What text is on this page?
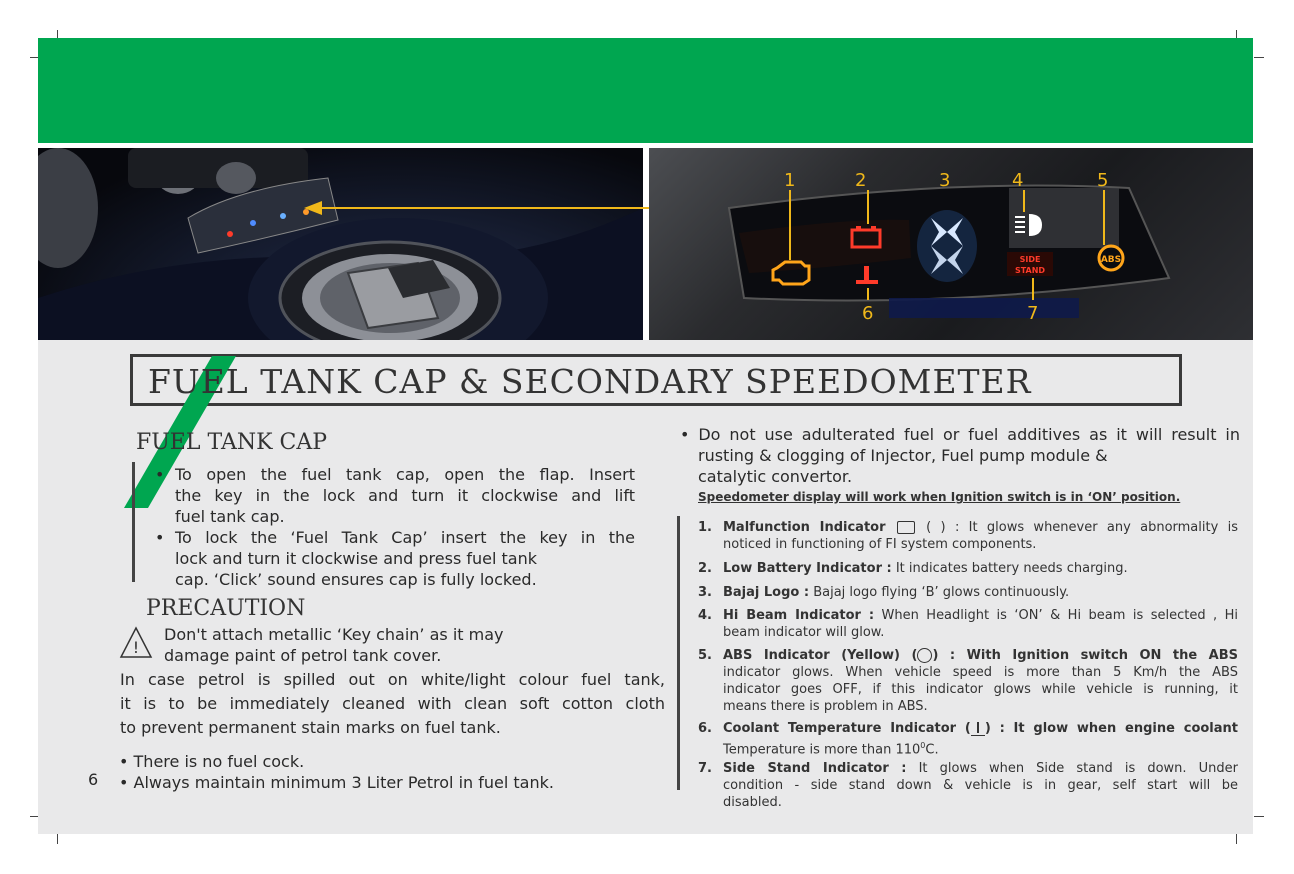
SIDE
STAND
ABS
1	2	3	4	5
6	7
FUEL TANK CAP & SECONDARY SPEEDOMETER
FUEL TANK CAP
• To open the fuel tank cap, open the flap. Insert
the key in the lock and turn it clockwise and lift
fuel tank cap.
• To lock the ‘Fuel Tank Cap’ insert the key in the
lock and turn it clockwise and press fuel tank
cap. ‘Click’ sound ensures cap is fully locked.
PRECAUTION
!
Don't attach metallic ‘Key chain’ as it may
damage paint of petrol tank cover.
In case petrol is spilled out on white/light colour fuel tank,
it is to be immediately cleaned with clean soft cotton cloth
to prevent permanent stain marks on fuel tank.
• There is no fuel cock.
• Always maintain minimum 3 Liter Petrol in fuel tank.
6
• Do not use adulterated fuel or fuel additives as it will result in
rusting & clogging of Injector, Fuel pump module &
catalytic convertor.
Speedometer display will work when Ignition switch is in ‘ON’ position.
1. Malfunction Indicator	( ) : It glows whenever any abnormality is
noticed in functioning of FI system components.
2. Low Battery Indicator : It indicates battery needs charging.
3. Bajaj Logo : Bajaj logo flying ‘B’ glows continuously.
4. Hi Beam Indicator : When Headlight is ‘ON’ & Hi beam is selected , Hi
beam indicator will glow.
5. ABS Indicator (Yellow) ( ) : With Ignition switch ON the ABS
indicator glows. When vehicle speed is more than 5 Km/h the ABS
indicator goes OFF, if this indicator glows while vehicle is running, it
means there is problem in ABS.
6. Coolant Temperature Indicator ( ) : It glow when engine coolant
Temperature is more than $110^0C$.
7. Side Stand Indicator : It glows when Side stand is down. Under
condition - side stand down & vehicle is in gear, self start will be
disabled.
